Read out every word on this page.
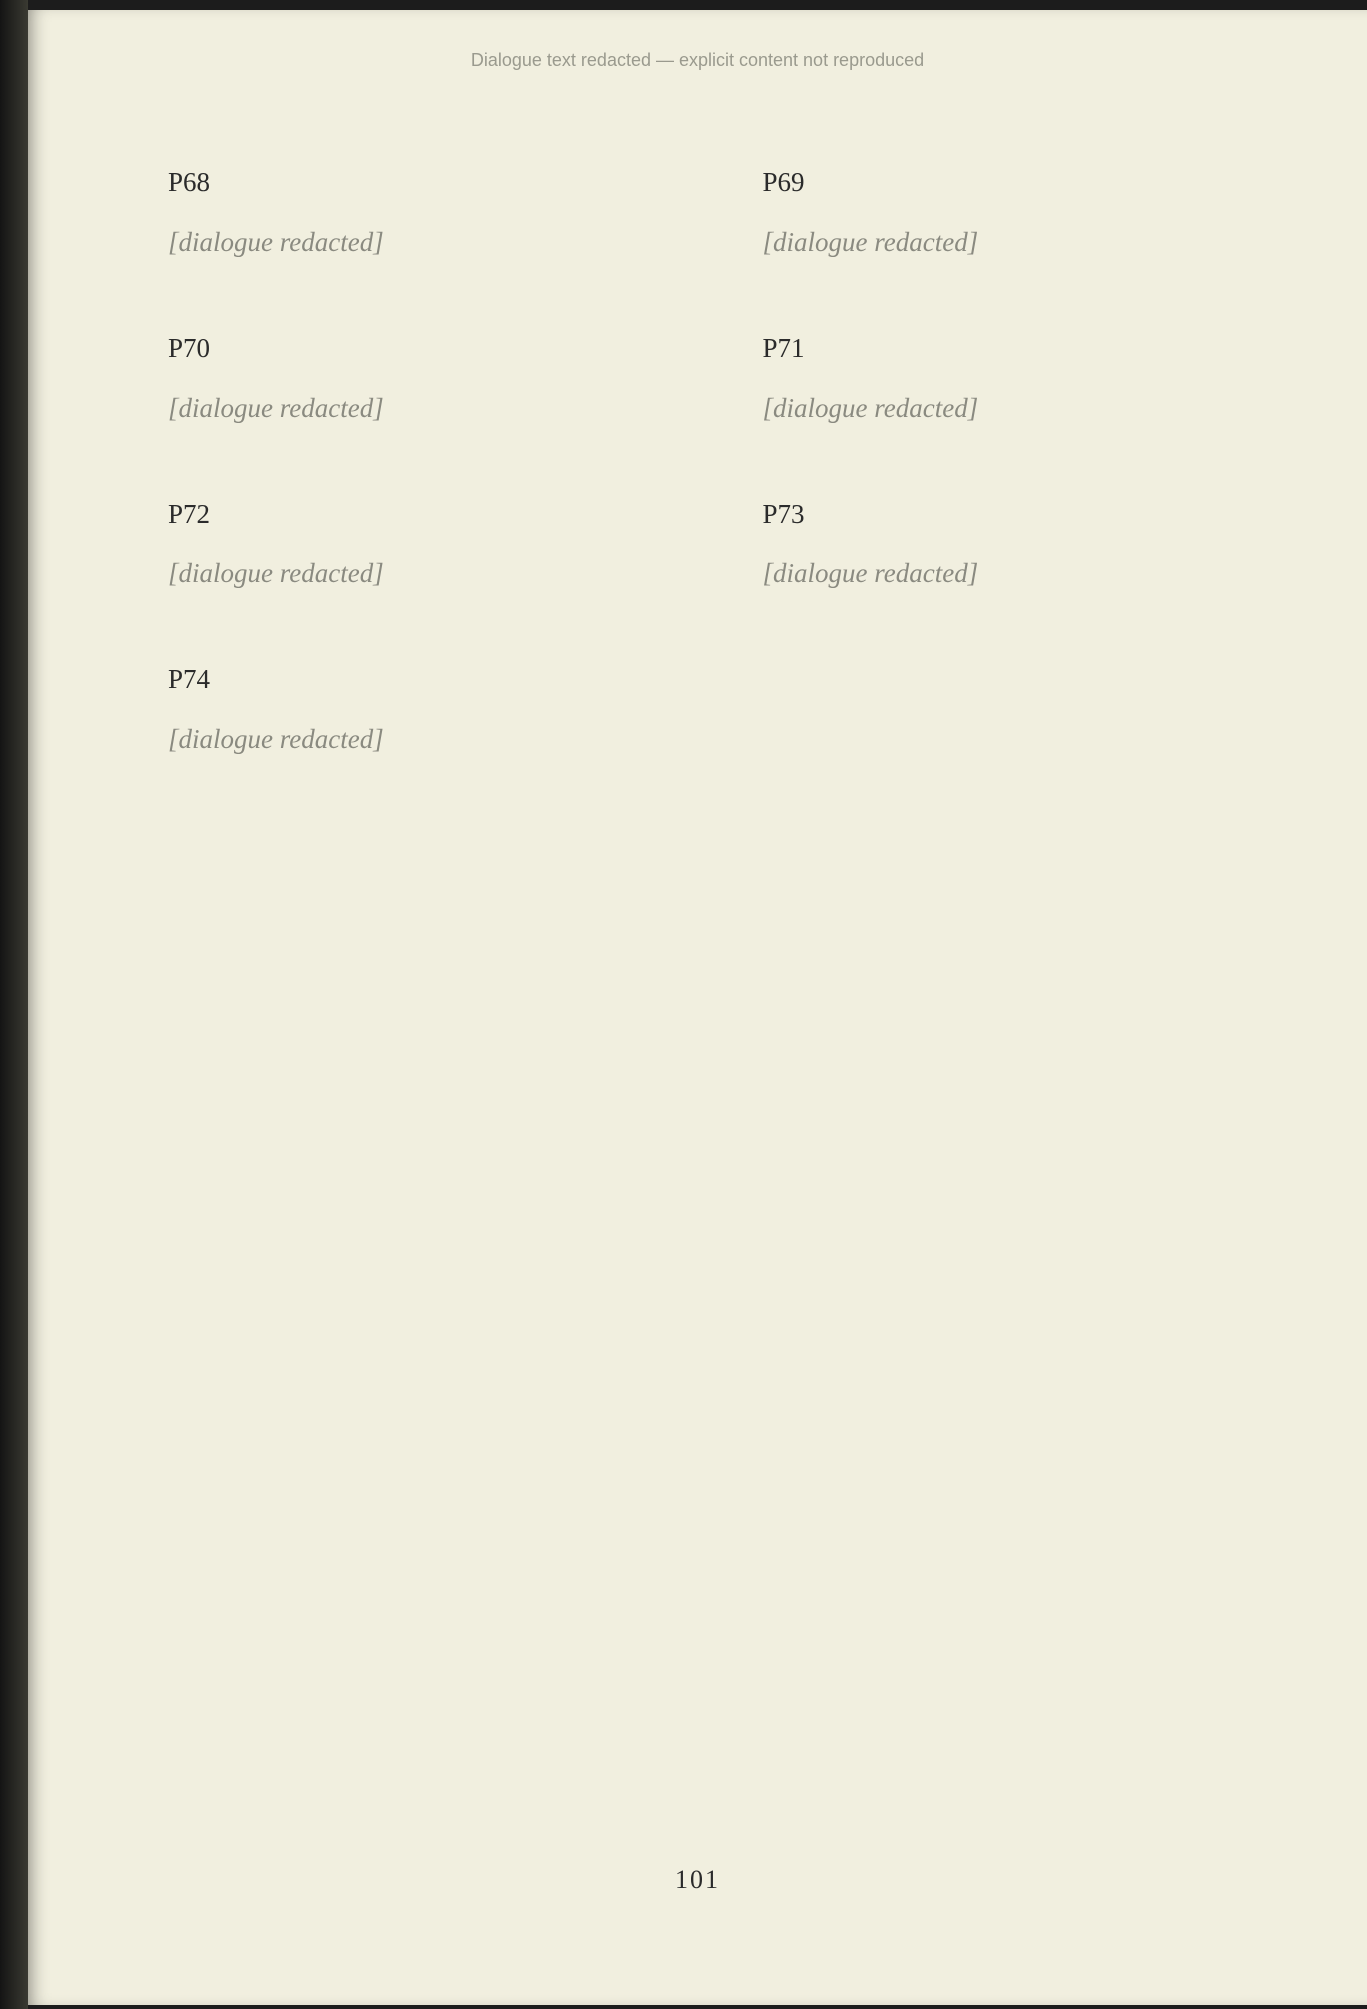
Dialogue text redacted — explicit content not reproduced
P68
[dialogue redacted]
P70
[dialogue redacted]
P72
[dialogue redacted]
P74
[dialogue redacted]
P69
[dialogue redacted]
P71
[dialogue redacted]
P73
[dialogue redacted]
101
